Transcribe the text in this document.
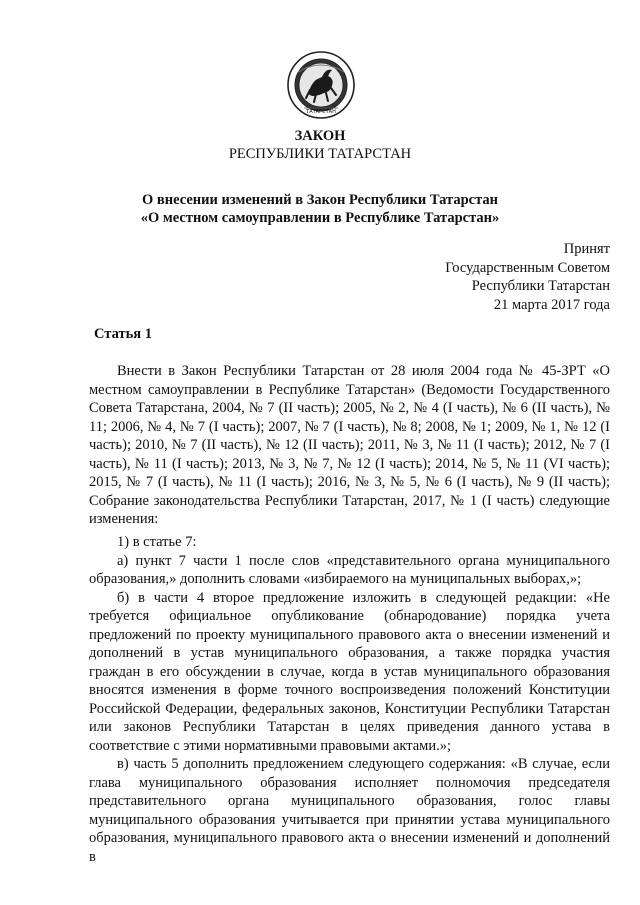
ТАТАРСТАН
ЗАКОН
РЕСПУБЛИКИ ТАТАРСТАН
О внесении изменений в Закон Республики Татарстан
«О местном самоуправлении в Республике Татарстан»
Принят
Государственным Советом
Республики Татарстан
21 марта 2017 года
Статья 1

Внести в Закон Республики Татарстан от 28 июля 2004 года № 45-ЗРТ «О местном самоуправлении в Республике Татарстан» (Ведомости Государственного Совета Татарстана, 2004, № 7 (II часть); 2005, № 2, № 4 (I часть), № 6 (II часть), № 11; 2006, № 4, № 7 (I часть); 2007, № 7 (I часть), № 8; 2008, № 1; 2009, № 1, № 12 (I часть); 2010, № 7 (II часть), № 12 (II часть); 2011, № 3, № 11 (I часть); 2012, № 7 (I часть), № 11 (I часть); 2013, № 3, № 7, № 12 (I часть); 2014, № 5, № 11 (VI часть); 2015, № 7 (I часть), № 11 (I часть); 2016, № 3, № 5, № 6 (I часть), № 9 (II часть); Собрание законодательства Республики Татарстан, 2017, № 1 (I часть) следующие изменения:

1) в статье 7:

а) пункт 7 части 1 после слов «представительного органа муниципального образования,» дополнить словами «избираемого на муниципальных выборах,»;

б) в части 4 второе предложение изложить в следующей редакции: «Не требуется официальное опубликование (обнародование) порядка учета предложений по проекту муниципального правового акта о внесении изменений и дополнений в устав муниципального образования, а также порядка участия граждан в его обсуждении в случае, когда в устав муниципального образования вносятся изменения в форме точного воспроизведения положений Конституции Российской Федерации, федеральных законов, Конституции Республики Татарстан или законов Республики Татарстан в целях приведения данного устава в соответствие с этими нормативными правовыми актами.»;

в) часть 5 дополнить предложением следующего содержания: «В случае, если глава муниципального образования исполняет полномочия председателя представительного органа муниципального образования, голос главы муниципального образования учитывается при принятии устава муниципального образования, муниципального правового акта о внесении изменений и дополнений в
